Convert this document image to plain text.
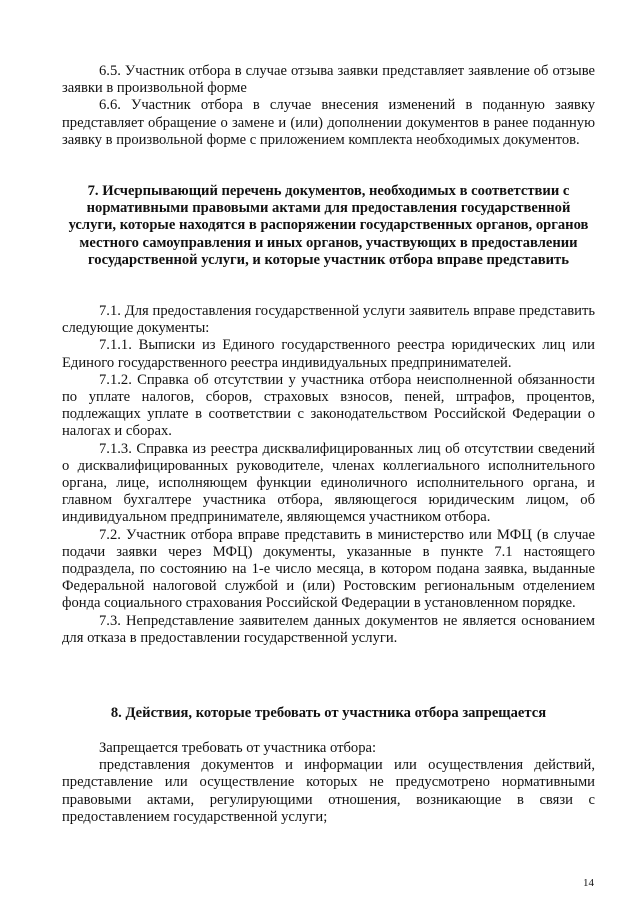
6.5. Участник отбора в случае отзыва заявки представляет заявление об отзыве заявки в произвольной форме

6.6. Участник отбора в случае внесения изменений в поданную заявку представляет обращение о замене и (или) дополнении документов в ранее поданную заявку в произвольной форме с приложением комплекта необходимых документов.

7. Исчерпывающий перечень документов, необходимых в соответствии с нормативными правовыми актами для предоставления государственной услуги, которые находятся в распоряжении государственных органов, органов местного самоуправления и иных органов, участвующих в предоставлении государственной услуги, и которые участник отбора вправе представить

7.1. Для предоставления государственной услуги заявитель вправе представить следующие документы:

7.1.1. Выписки из Единого государственного реестра юридических лиц или Единого государственного реестра индивидуальных предпринимателей.

7.1.2. Справка об отсутствии у участника отбора неисполненной обязанности по уплате налогов, сборов, страховых взносов, пеней, штрафов, процентов, подлежащих уплате в соответствии с законодательством Российской Федерации о налогах и сборах.

7.1.3. Справка из реестра дисквалифицированных лиц об отсутствии сведений о дисквалифицированных руководителе, членах коллегиального исполнительного органа, лице, исполняющем функции единоличного исполнительного органа, и главном бухгалтере участника отбора, являющегося юридическим лицом, об индивидуальном предпринимателе, являющемся участником отбора.

7.2. Участник отбора вправе представить в министерство или МФЦ (в случае подачи заявки через МФЦ) документы, указанные в пункте 7.1 настоящего подраздела, по состоянию на 1-е число месяца, в котором подана заявка, выданные Федеральной налоговой службой и (или) Ростовским региональным отделением фонда социального страхования Российской Федерации в установленном порядке.

7.3. Непредставление заявителем данных документов не является основанием для отказа в предоставлении государственной услуги.

8. Действия, которые требовать от участника отбора запрещается

Запрещается требовать от участника отбора:

представления документов и информации или осуществления действий, представление или осуществление которых не предусмотрено нормативными правовыми актами, регулирующими отношения, возникающие в связи с предоставлением государственной услуги;

14
